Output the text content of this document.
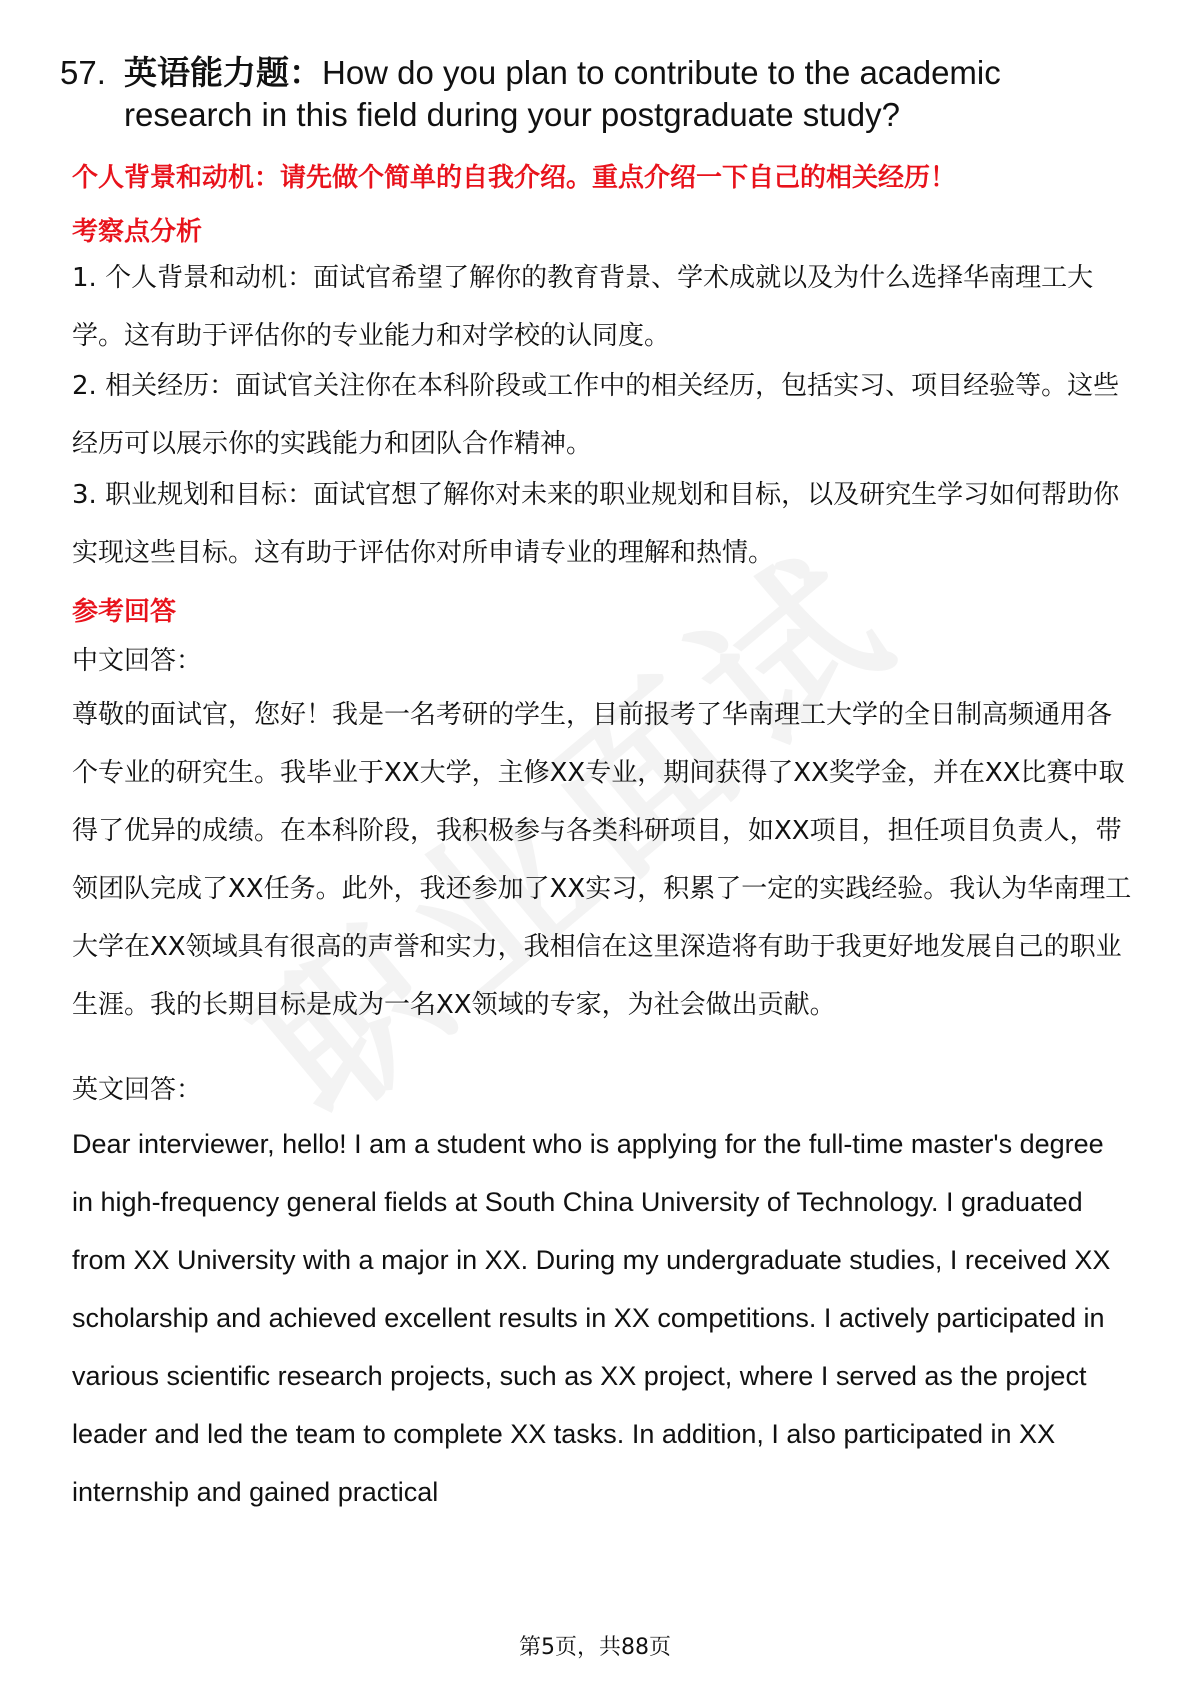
57. 英语能力题：How do you plan to contribute to the academic
research in this field during your postgraduate study?
个人背景和动机：请先做个简单的自我介绍。重点介绍一下自己的相关经历！
考察点分析
1. 个人背景和动机：面试官希望了解你的教育背景、学术成就以及为什么选择华南理工大学。这有助于评估你的专业能力和对学校的认同度。
2. 相关经历：面试官关注你在本科阶段或工作中的相关经历，包括实习、项目经验等。这些经历可以展示你的实践能力和团队合作精神。
3. 职业规划和目标：面试官想了解你对未来的职业规划和目标，以及研究生学习如何帮助你实现这些目标。这有助于评估你对所申请专业的理解和热情。
参考回答
中文回答：
尊敬的面试官，您好！我是一名考研的学生，目前报考了华南理工大学的全日制高频通用各个专业的研究生。我毕业于XX大学，主修XX专业，期间获得了XX奖学金，并在XX比赛中取得了优异的成绩。在本科阶段，我积极参与各类科研项目，如XX项目，担任项目负责人，带领团队完成了XX任务。此外，我还参加了XX实习，积累了一定的实践经验。我认为华南理工大学在XX领域具有很高的声誉和实力，我相信在这里深造将有助于我更好地发展自己的职业生涯。我的长期目标是成为一名XX领域的专家，为社会做出贡献。
英文回答：
Dear interviewer, hello! I am a student who is applying for the full-time master's degree in high-frequency general fields at South China University of Technology. I graduated from XX University with a major in XX. During my undergraduate studies, I received XX scholarship and achieved excellent results in XX competitions. I actively participated in various scientific research projects, such as XX project, where I served as the project leader and led the team to complete XX tasks. In addition, I also participated in XX internship and gained practical
第5页，共88页
